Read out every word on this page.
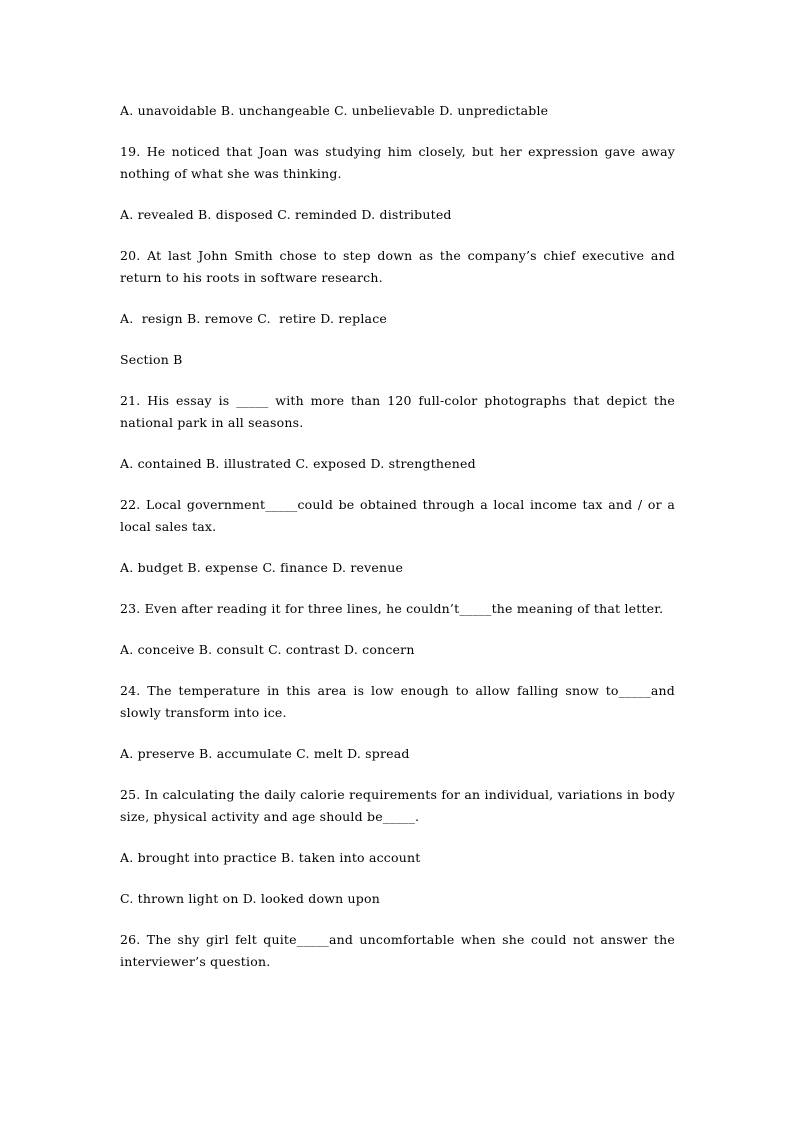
A. unavoidable B. unchangeable C. unbelievable D. unpredictable

19. He noticed that Joan was studying him closely, but her expression gave away nothing of what she was thinking.

A. revealed B. disposed C. reminded D. distributed

20. At last John Smith chose to step down as the company’s chief executive and return to his roots in software research.

A.  resign B. remove C.  retire D. replace

Section B

21. His essay is _____ with more than 120 full-color photographs that depict the national park in all seasons.

A. contained B. illustrated C. exposed D. strengthened

22. Local government_____could be obtained through a local income tax and / or a local sales tax.

A. budget B. expense C. finance D. revenue

23. Even after reading it for three lines, he couldn’t_____the meaning of that letter.

A. conceive B. consult C. contrast D. concern

24. The temperature in this area is low enough to allow falling snow to_____and slowly transform into ice.

A. preserve B. accumulate C. melt D. spread

25. In calculating the daily calorie requirements for an individual, variations in body size, physical activity and age should be_____.

A. brought into practice B. taken into account

C. thrown light on D. looked down upon

26. The shy girl felt quite_____and uncomfortable when she could not answer the interviewer’s question.
